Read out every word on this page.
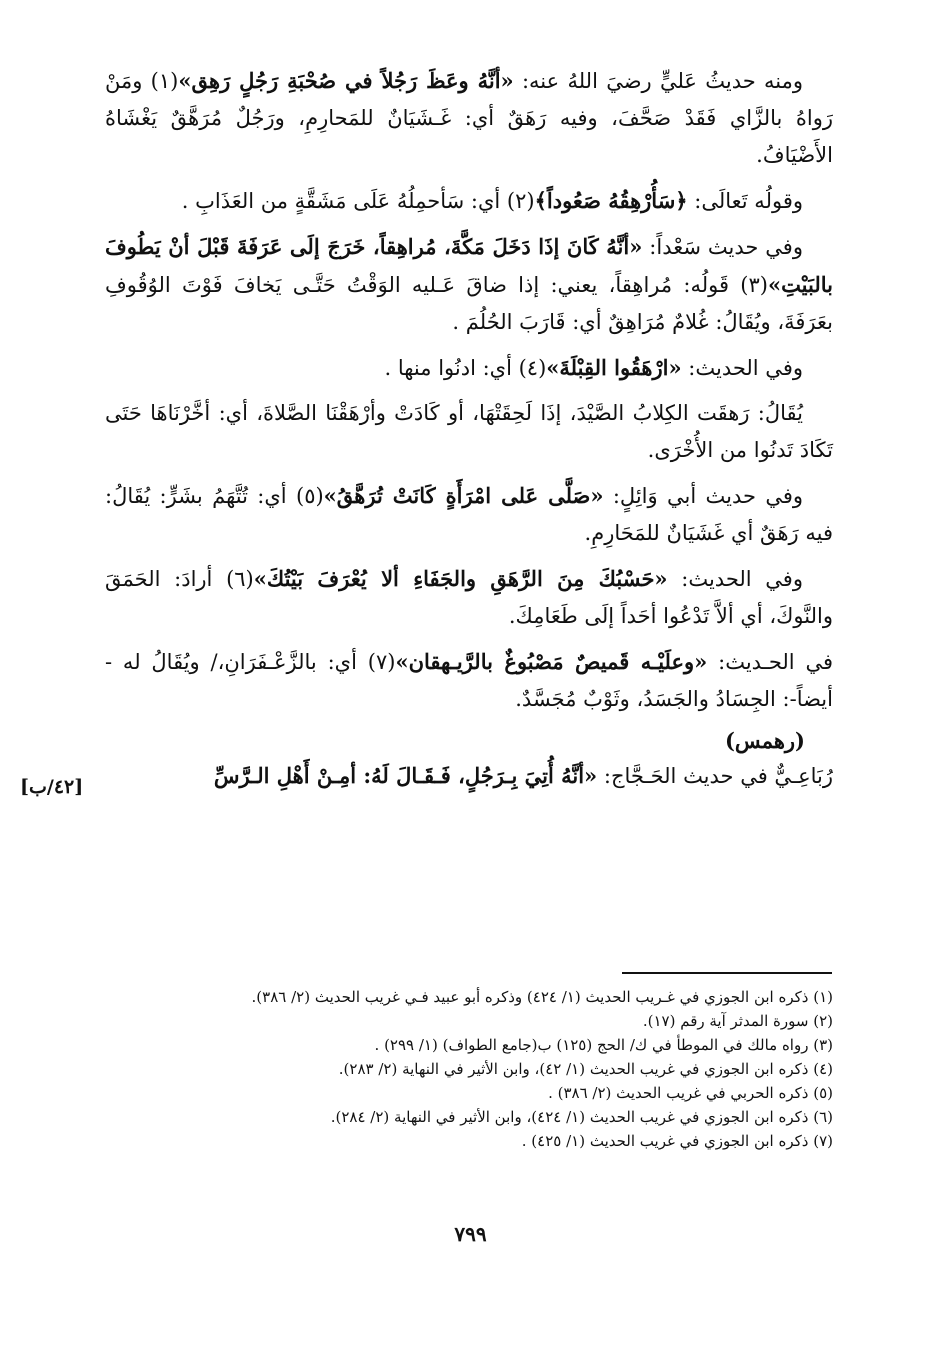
ومنه حديثُ عَليٍّ رضيَ اللهُ عنه: «أنَّهُ وعَظَ رَجُلاً في صُحْبَةِ رَجُلٍ رَهِق»(١) ومَنْ رَواهُ بالزَّاي فَقَدْ صَحَّفَ، وفيه رَهَقٌ أي: غَـشَيَانٌ للمَحارِمِ، ورَجُلٌ مُرَهَّقٌ يَغْشَاهُ الأَضْيَافُ.

وقولُه تَعالَى: ﴿سَأُرْهِقُهُ صَعُوداً﴾(٢) أي: سَأحمِلُهُ عَلَى مَشَقَّةٍ من العَذَابِ .

وفي حديث سَعْداً: «أنَّهُ كَانَ إذَا دَخَلَ مَكَّةَ، مُراهِقاً، خَرَجَ إلَى عَرَفَةَ قَبْلَ أنْ يَطُوفَ بالبَيْتِ»(٣) قَولُه: مُراهِقاً، يعني: إذا ضاقَ عَـليه الوَقْتُ حَتَّـى يَخافَ فَوْتَ الوُقُوفِ بعَرَفَةَ، ويُقَالُ: غُلامٌ مُرَاهِقٌ أي: قَارَبَ الحُلُمَ .

وفي الحديث: «ارْهَقُوا القِبْلَةَ»(٤) أي: ادنُوا منها .

يُقَالُ: رَهقَت الكِلابُ الصَّيْدَ، إذَا لَحِقَتْهَا، أو كَادَتْ وأرْهَقْنَا الصَّلاةَ، أي: أخَّرْنَاهَا حَتَى تَكَادَ تَدنُوا من الأُخْرَى.

وفي حديث أبي وَائِلٍ: «صَلَّى عَلى امْرَأَةٍ كَانَتْ تُرَهَّقُ»(٥) أي: تُتَّهَمُ بشَرٍّ: يُقَالُ: فيه رَهَقٌ أي غَشَيَانٌ للمَحَارِمِ.

وفي الحديث: «حَسْبُكَ مِنَ الرَّهَقِ والجَفَاءِ ألا يُعْرَفَ بَيْتُكَ»(٦) أرادَ: الحَمَقَ والنَّوكَ، أي ألاَّ تَدْعُوا أحَداً إلَى طَعَامِكَ.

في الحـديث: «وعلَيْـه قَميصٌ مَصْبُوغٌ بالرَّيـهقان»(٧) أي: بالزَّعْـفَرَانِ،/ ويُقَالُ له - أيضاً-: الجِسَادُ والجَسَدُ، وثَوْبٌ مُجَسَّدٌ.

(رهمس)

رُبَاعِـيٌّ في حديث الحَـجَّاج: «أنَّهُ أُتِيَ بِـرَجُلٍ، فَـقَـالَ لَهُ: أمِـنْ أَهْلِ الـرَّسِّ

[٤٢/ب]

(١) ذكره ابن الجوزي في غـريب الحديث (١/ ٤٢٤) وذكره أبو عبيد فـي غريب الحديث (٢/ ٣٨٦).

(٢) سورة المدثر آية رقم (١٧).

(٣) رواه مالك في الموطأ في ك/ الحج (١٢٥) ب(جامع الطواف) (١/ ٢٩٩) .

(٤) ذكره ابن الجوزي في غريب الحديث (١/ ٤٢)، وابن الأثير في النهاية (٢/ ٢٨٣).

(٥) ذكره الحربي في غريب الحديث (٢/ ٣٨٦) .

(٦) ذكره ابن الجوزي في غريب الحديث (١/ ٤٢٤)، وابن الأثير في النهاية (٢/ ٢٨٤).

(٧) ذكره ابن الجوزي في غريب الحديث (١/ ٤٢٥) .

٧٩٩
